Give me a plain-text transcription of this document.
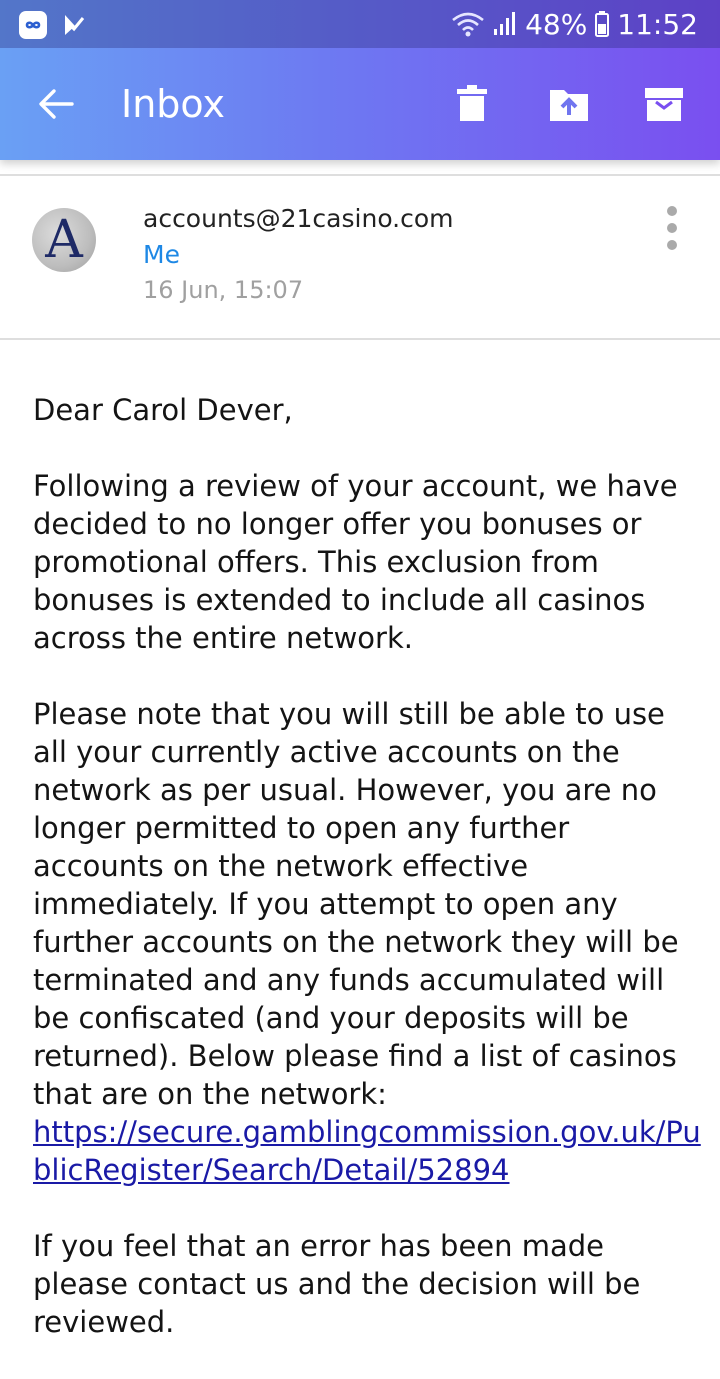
48% 11:52
Inbox
A	accounts@21casino.com
Me
16 Jun, 15:07

Dear Carol Dever,

Following a review of your account, we have decided to no longer offer you bonuses or promotional offers. This exclusion from bonuses is extended to include all casinos across the entire network.

Please note that you will still be able to use all your currently active accounts on the network as per usual. However, you are no longer permitted to open any further accounts on the network effective immediately. If you attempt to open any further accounts on the network they will be terminated and any funds accumulated will be confiscated (and your deposits will be returned). Below please find a list of casinos that are on the network:
https://secure.gamblingcommission.gov.uk/PublicRegister/Search/Detail/52894

If you feel that an error has been made please contact us and the decision will be reviewed.
